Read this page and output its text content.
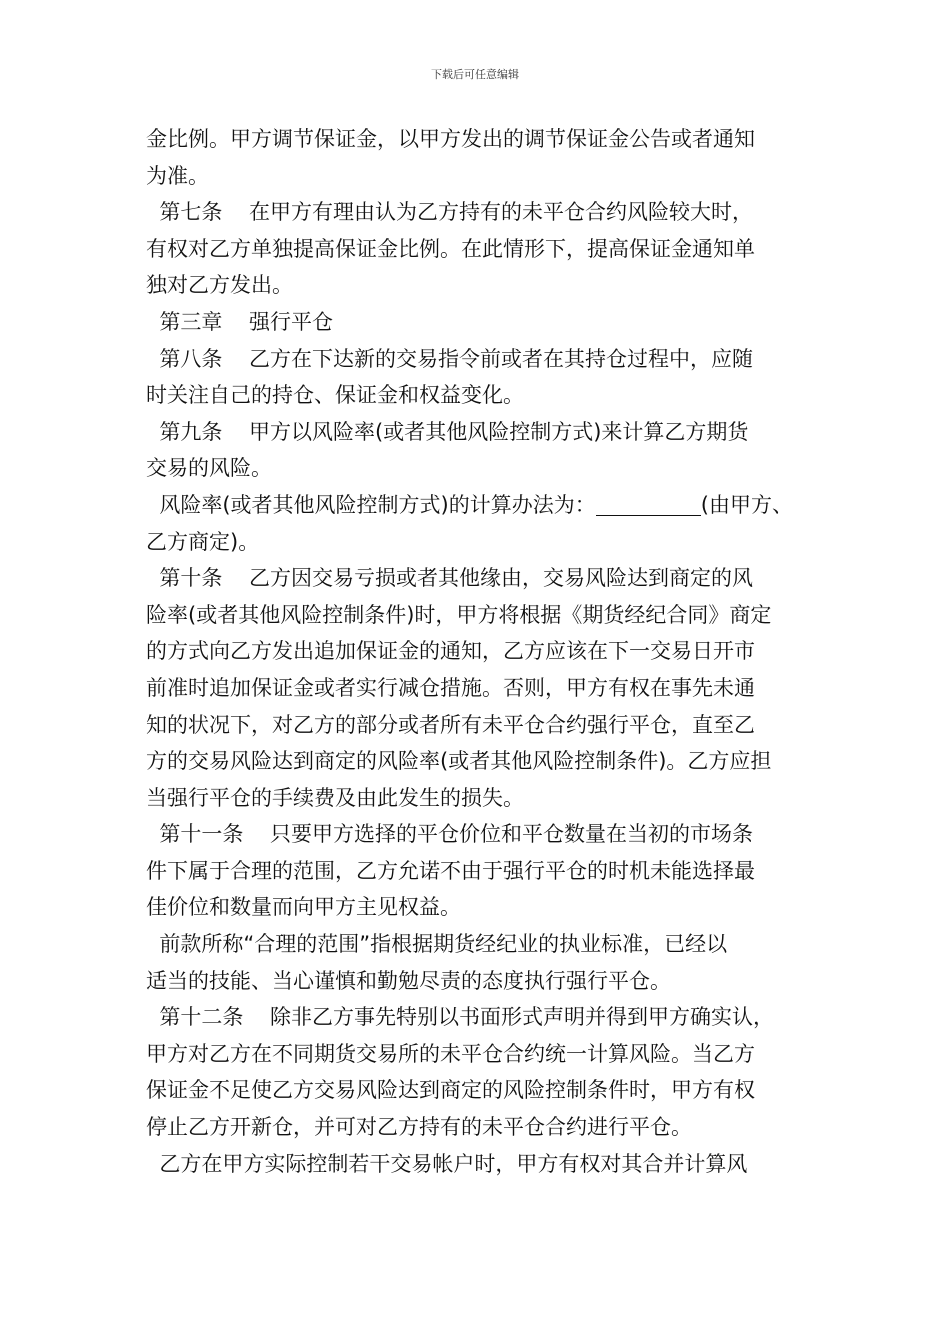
下载后可任意编辑
金比例。甲方调节保证金，以甲方发出的调节保证金公告或者通知
为准。
第七条    在甲方有理由认为乙方持有的未平仓合约风险较大时，
有权对乙方单独提高保证金比例。在此情形下，提高保证金通知单
独对乙方发出。
第三章    强行平仓
第八条    乙方在下达新的交易指令前或者在其持仓过程中，应随
时关注自己的持仓、保证金和权益变化。
第九条    甲方以风险率(或者其他风险控制方式)来计算乙方期货
交易的风险。
风险率(或者其他风险控制方式)的计算办法为：          	(由甲方、
乙方商定)。
第十条    乙方因交易亏损或者其他缘由，交易风险达到商定的风
险率(或者其他风险控制条件)时，甲方将根据《期货经纪合同》商定
的方式向乙方发出追加保证金的通知，乙方应该在下一交易日开市
前准时追加保证金或者实行减仓措施。否则，甲方有权在事先未通
知的状况下，对乙方的部分或者所有未平仓合约强行平仓，直至乙
方的交易风险达到商定的风险率(或者其他风险控制条件)。乙方应担
当强行平仓的手续费及由此发生的损失。
第十一条    只要甲方选择的平仓价位和平仓数量在当初的市场条
件下属于合理的范围，乙方允诺不由于强行平仓的时机未能选择最
佳价位和数量而向甲方主见权益。
前款所称“合理的范围”指根据期货经纪业的执业标准，已经以
适当的技能、当心谨慎和勤勉尽责的态度执行强行平仓。
第十二条    除非乙方事先特别以书面形式声明并得到甲方确实认，
甲方对乙方在不同期货交易所的未平仓合约统一计算风险。当乙方
保证金不足使乙方交易风险达到商定的风险控制条件时，甲方有权
停止乙方开新仓，并可对乙方持有的未平仓合约进行平仓。
乙方在甲方实际控制若干交易帐户时，甲方有权对其合并计算风
